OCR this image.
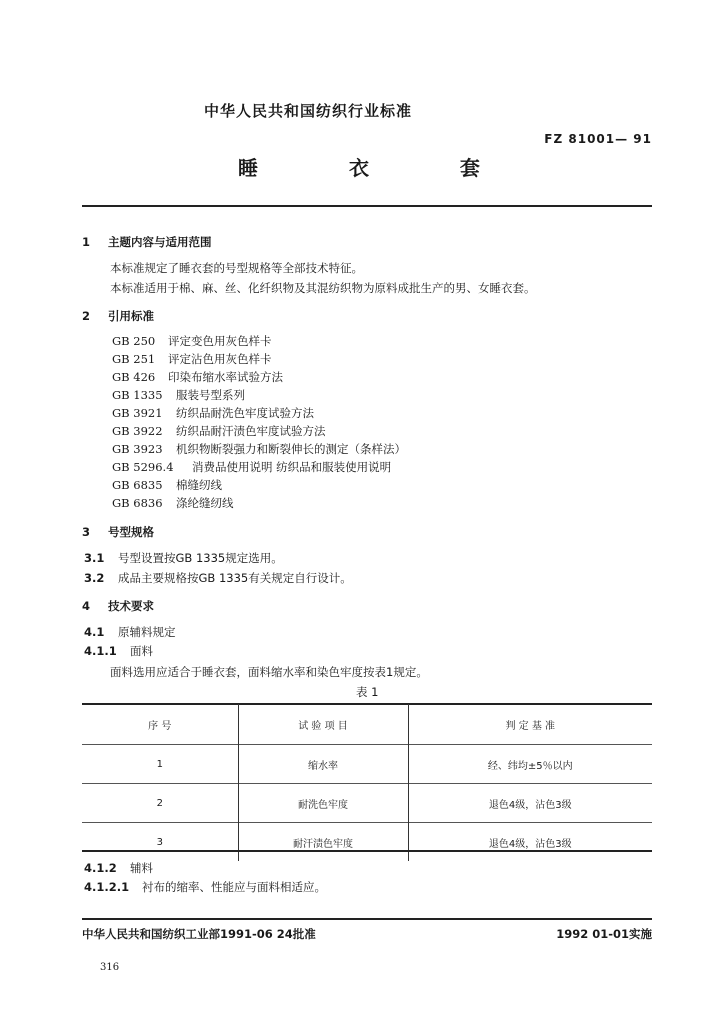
中华人民共和国纺织行业标准
FZ 81001— 91
睡 衣 套
1 主题内容与适用范围
本标准规定了睡衣套的号型规格等全部技术特征。
本标准适用于棉、麻、丝、化纤织物及其混纺织物为原料成批生产的男、女睡衣套。
2 引用标准
GB 250 评定变色用灰色样卡
GB 251 评定沾色用灰色样卡
GB 426 印染布缩水率试验方法
GB 1335 服装号型系列
GB 3921 纺织品耐洗色牢度试验方法
GB 3922 纺织品耐汗渍色牢度试验方法
GB 3923 机织物断裂强力和断裂伸长的测定（条样法）
GB 5296.4 消费品使用说明 纺织品和服装使用说明
GB 6835 棉缝纫线
GB 6836 涤纶缝纫线
3 号型规格
3.1 号型设置按GB 1335规定选用。
3.2 成品主要规格按GB 1335有关规定自行设计。
4 技术要求
4.1 原辅料规定
4.1.1 面料
面料选用应适合于睡衣套，面料缩水率和染色牢度按表1规定。
表 1
序 号	试 验 项 目	判 定 基 准
1	缩水率	经、纬均±5％以内
2	耐洗色牢度	退色4级，沾色3级
3	耐汗渍色牢度	退色4级，沾色3级
4.1.2 辅料
4.1.2.1 衬布的缩率、性能应与面料相适应。
中华人民共和国纺织工业部1991-06 24批准	1992 01-01实施
316
